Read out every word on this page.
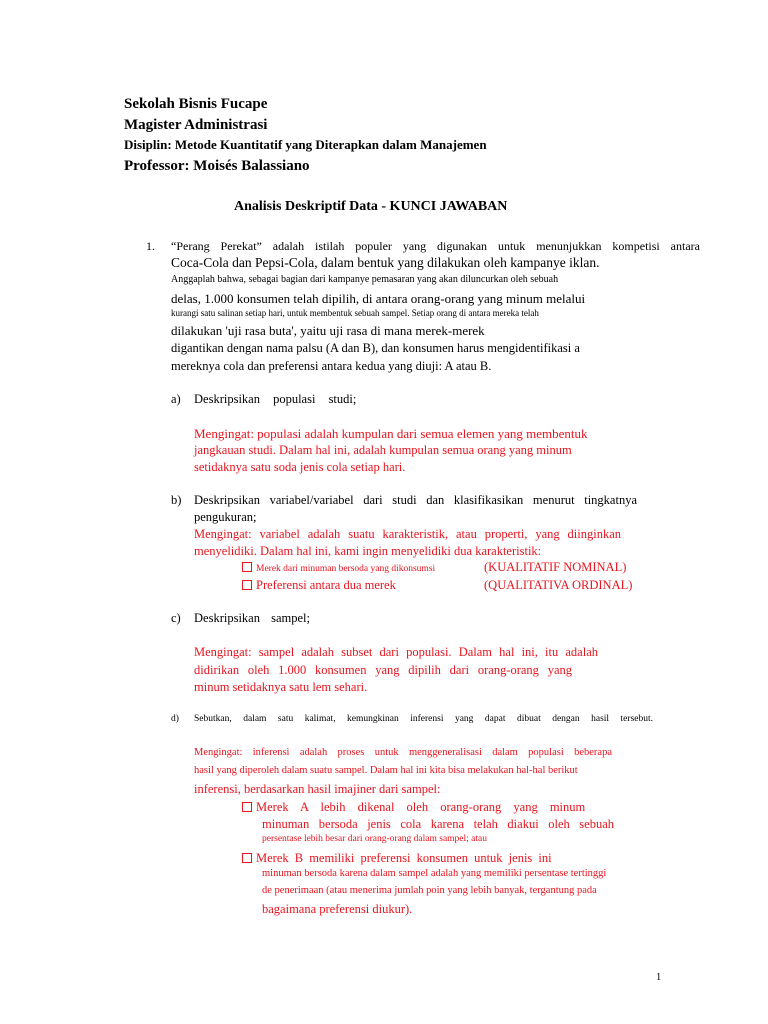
Sekolah Bisnis Fucape
Magister Administrasi
Disiplin: Metode Kuantitatif yang Diterapkan dalam Manajemen
Professor: Moisés Balassiano
Analisis Deskriptif Data - KUNCI JAWABAN
1. “Perang Perekat” adalah istilah populer yang digunakan untuk menunjukkan kompetisi antara
Coca-Cola dan Pepsi-Cola, dalam bentuk yang dilakukan oleh kampanye iklan.
Anggaplah bahwa, sebagai bagian dari kampanye pemasaran yang akan diluncurkan oleh sebuah
delas, 1.000 konsumen telah dipilih, di antara orang-orang yang minum melalui
kurangi satu salinan setiap hari, untuk membentuk sebuah sampel. Setiap orang di antara mereka telah
dilakukan 'uji rasa buta', yaitu uji rasa di mana merek-merek
digantikan dengan nama palsu (A dan B), dan konsumen harus mengidentifikasi a
mereknya cola dan preferensi antara kedua yang diuji: A atau B.
a) Deskripsikan populasi studi;
Mengingat: populasi adalah kumpulan dari semua elemen yang membentuk
jangkauan studi. Dalam hal ini, adalah kumpulan semua orang yang minum
setidaknya satu soda jenis cola setiap hari.
b) Deskripsikan variabel/variabel dari studi dan klasifikasikan menurut tingkatnya
pengukuran;
Mengingat: variabel adalah suatu karakteristik, atau properti, yang diinginkan
menyelidiki. Dalam hal ini, kami ingin menyelidiki dua karakteristik:
Merek dari minuman bersoda yang dikonsumsi	(KUALITATIF NOMINAL)
Preferensi antara dua merek	(QUALITATIVA ORDINAL)
c) Deskripsikan sampel;
Mengingat: sampel adalah subset dari populasi. Dalam hal ini, itu adalah
didirikan oleh 1.000 konsumen yang dipilih dari orang-orang yang
minum setidaknya satu lem sehari.
d) Sebutkan, dalam satu kalimat, kemungkinan inferensi yang dapat dibuat dengan hasil tersebut.
Mengingat: inferensi adalah proses untuk menggeneralisasi dalam populasi beberapa
hasil yang diperoleh dalam suatu sampel. Dalam hal ini kita bisa melakukan hal-hal berikut
inferensi, berdasarkan hasil imajiner dari sampel:
Merek A lebih dikenal oleh orang-orang yang minum
minuman bersoda jenis cola karena telah diakui oleh sebuah
persentase lebih besar dari orang-orang dalam sampel; atau
Merek B memiliki preferensi konsumen untuk jenis ini
minuman bersoda karena dalam sampel adalah yang memiliki persentase tertinggi
de penerimaan (atau menerima jumlah poin yang lebih banyak, tergantung pada
bagaimana preferensi diukur).
1
